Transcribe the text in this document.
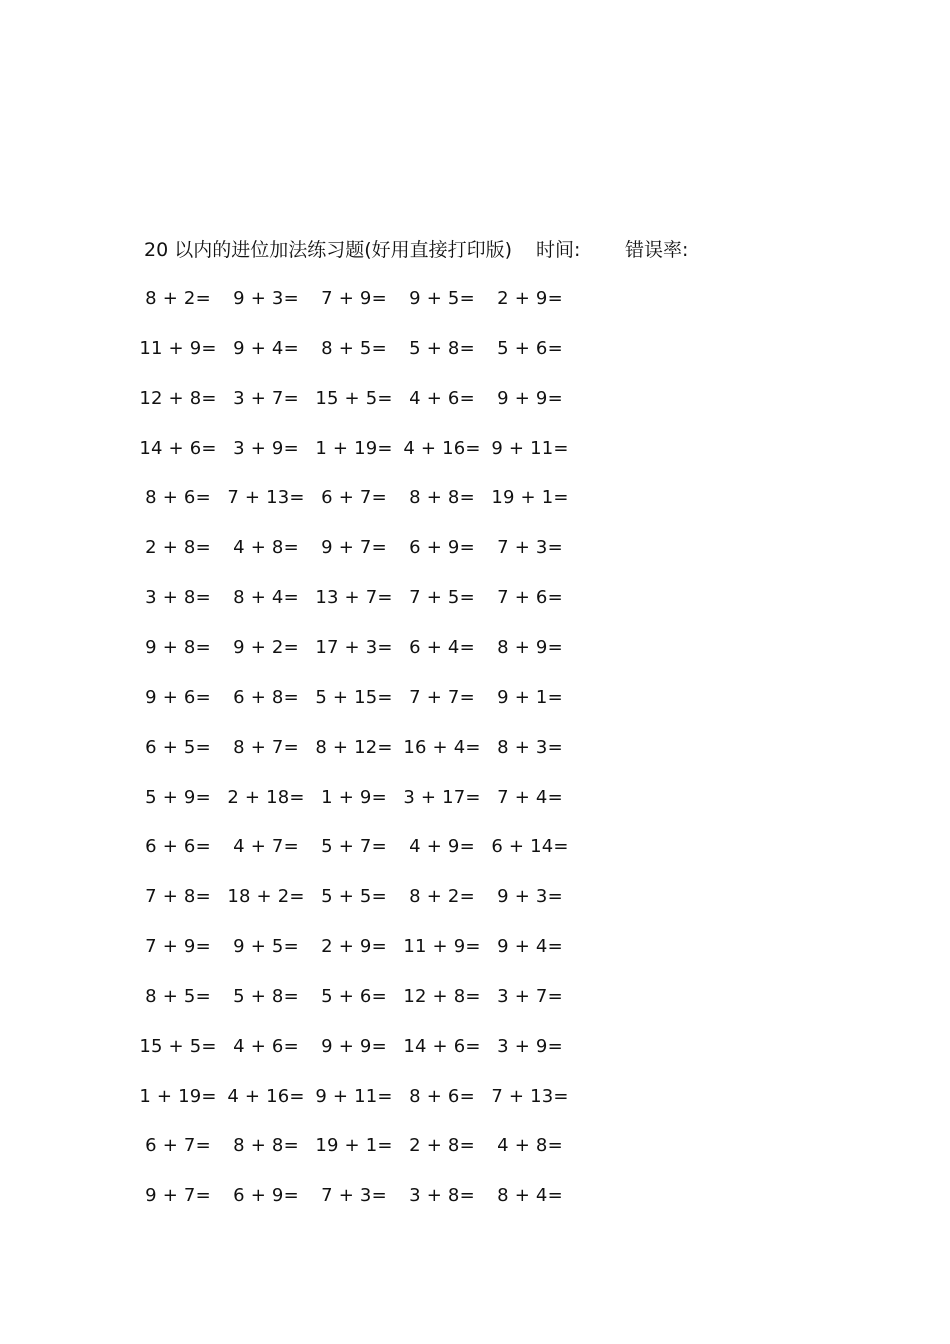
20 以内的进位加法练习题(好用直接打印版) 时间: 错误率:
8 + 2= 9 + 3= 7 + 9= 9 + 5= 2 + 9=
11 + 9= 9 + 4= 8 + 5= 5 + 8= 5 + 6=
12 + 8= 3 + 7= 15 + 5= 4 + 6= 9 + 9=
14 + 6= 3 + 9= 1 + 19= 4 + 16= 9 + 11=
8 + 6= 7 + 13= 6 + 7= 8 + 8= 19 + 1=
2 + 8= 4 + 8= 9 + 7= 6 + 9= 7 + 3=
3 + 8= 8 + 4= 13 + 7= 7 + 5= 7 + 6=
9 + 8= 9 + 2= 17 + 3= 6 + 4= 8 + 9=
9 + 6= 6 + 8= 5 + 15= 7 + 7= 9 + 1=
6 + 5= 8 + 7= 8 + 12= 16 + 4= 8 + 3=
5 + 9= 2 + 18= 1 + 9= 3 + 17= 7 + 4=
6 + 6= 4 + 7= 5 + 7= 4 + 9= 6 + 14=
7 + 8= 18 + 2= 5 + 5= 8 + 2= 9 + 3=
7 + 9= 9 + 5= 2 + 9= 11 + 9= 9 + 4=
8 + 5= 5 + 8= 5 + 6= 12 + 8= 3 + 7=
15 + 5= 4 + 6= 9 + 9= 14 + 6= 3 + 9=
1 + 19= 4 + 16= 9 + 11= 8 + 6= 7 + 13=
6 + 7= 8 + 8= 19 + 1= 2 + 8= 4 + 8=
9 + 7= 6 + 9= 7 + 3= 3 + 8= 8 + 4=
